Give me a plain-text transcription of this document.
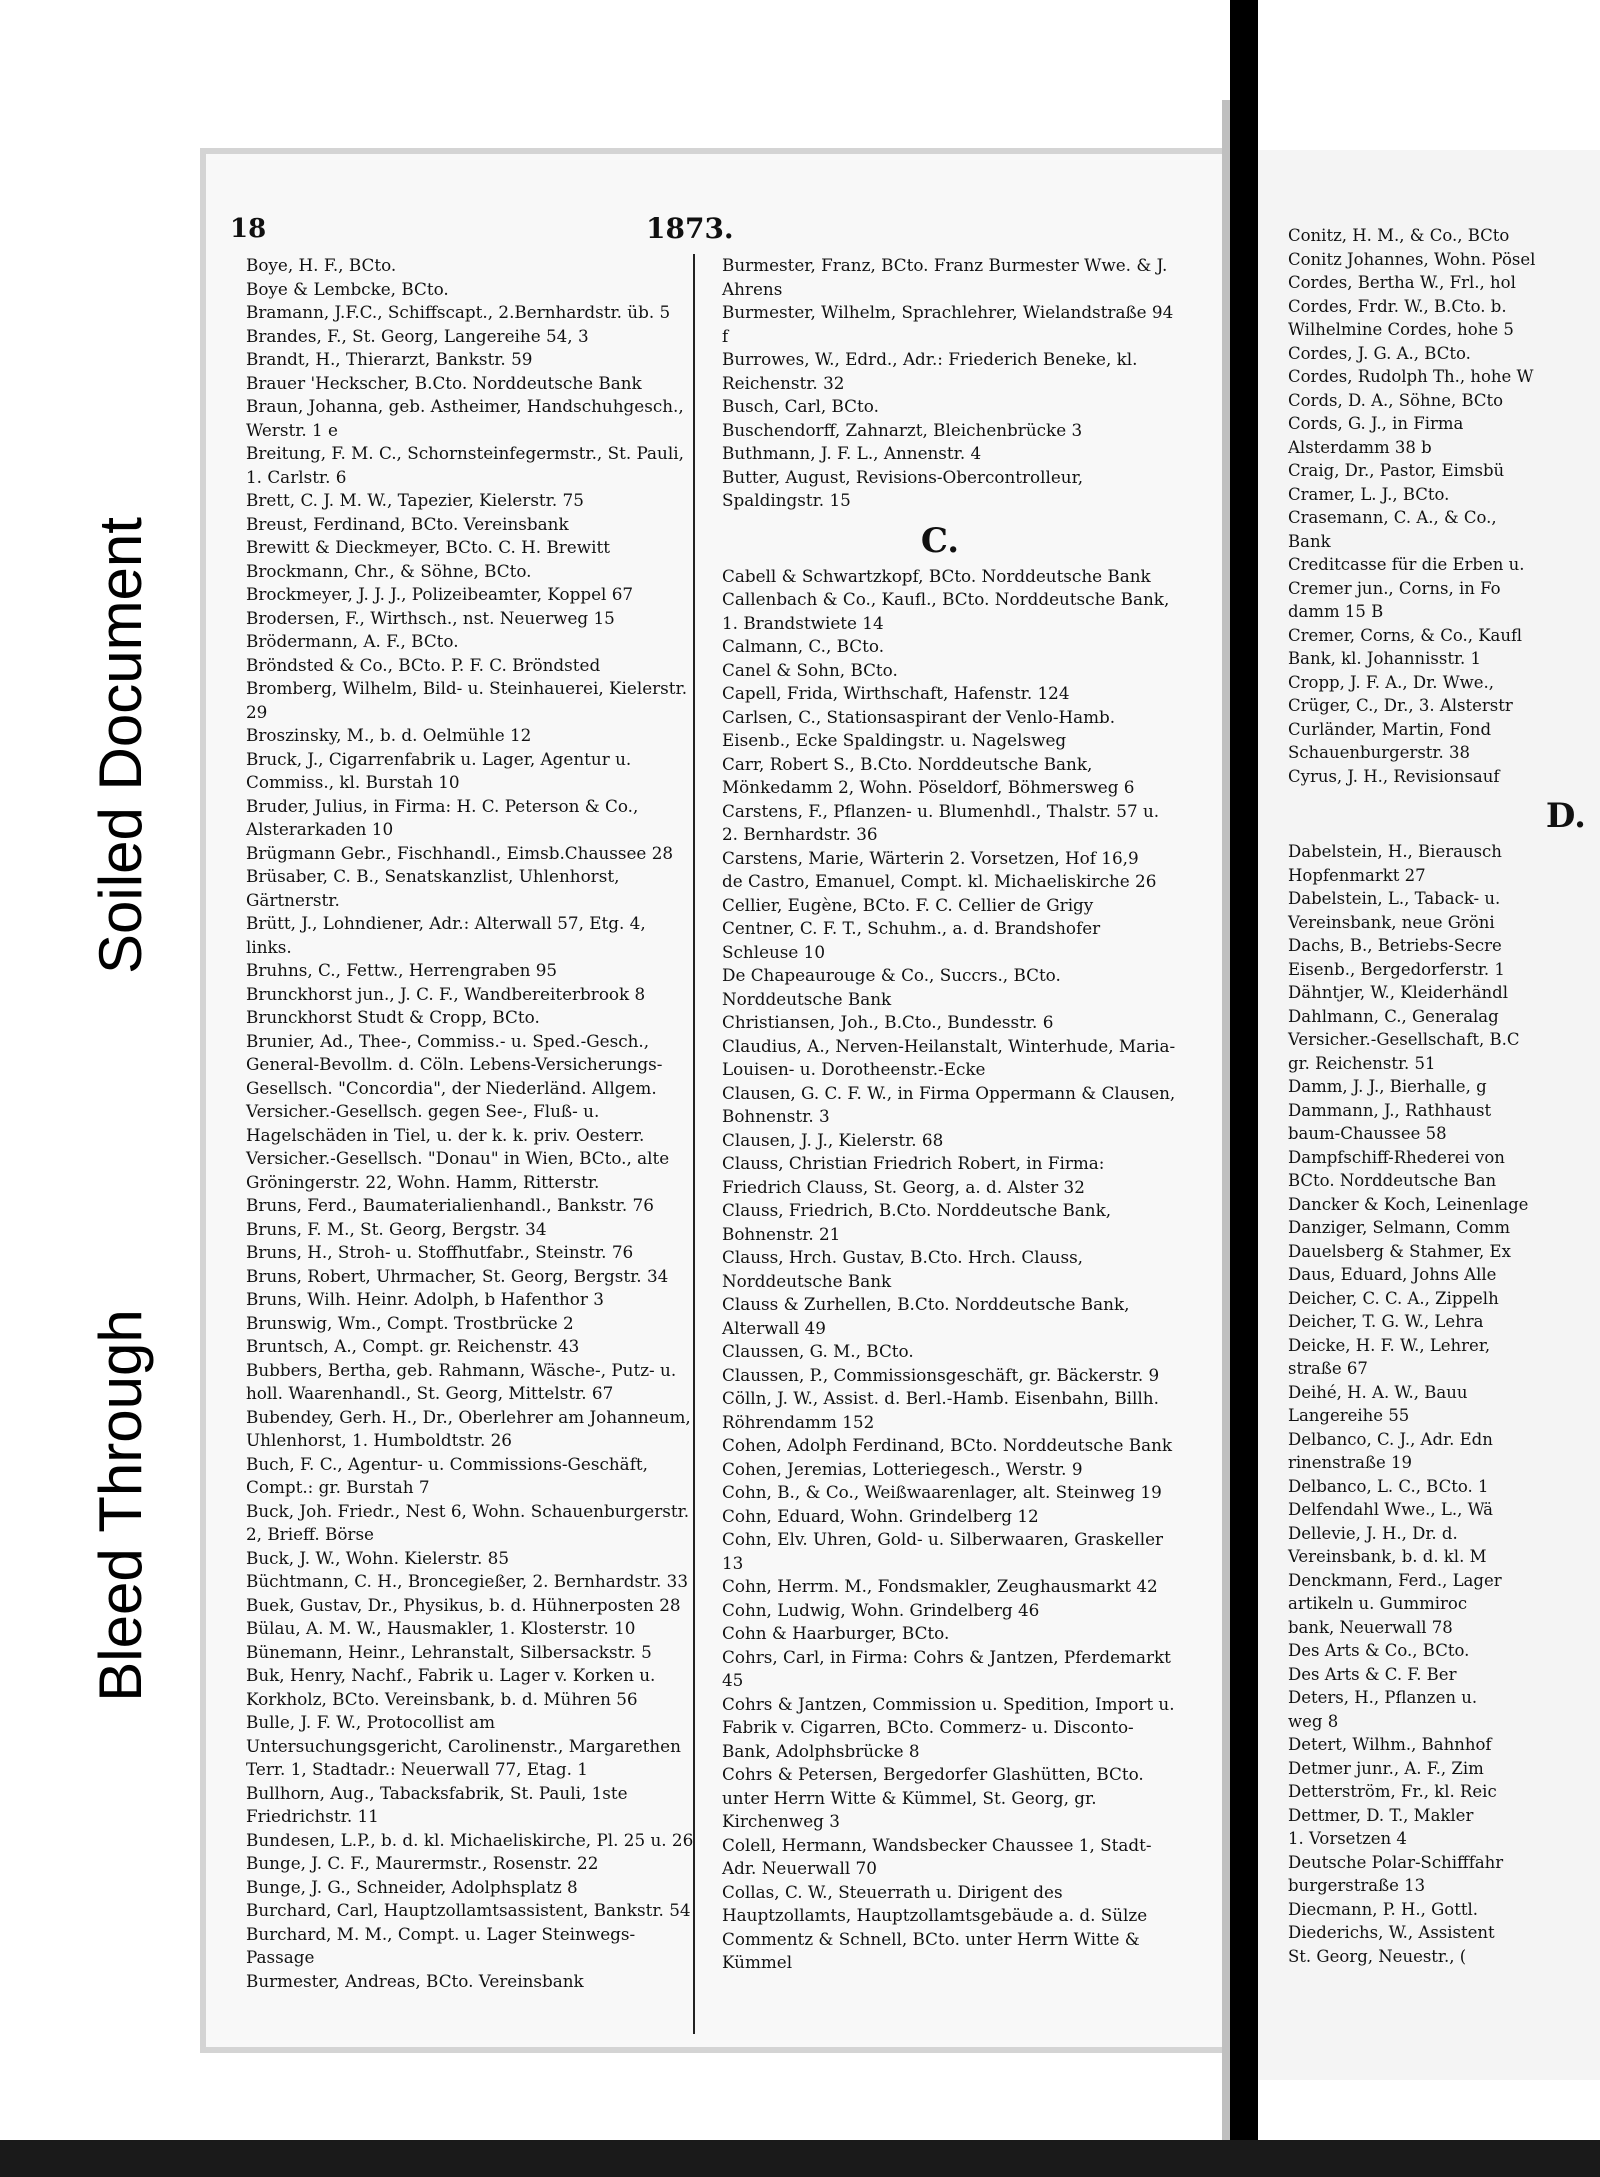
Soiled Document
Bleed Through
18	1873.
Boye, H. F., BCto.
Boye & Lembcke, BCto.
Bramann, J.F.C., Schiffscapt., 2.Bernhardstr. üb. 5
Brandes, F., St. Georg, Langereihe 54, 3
Brandt, H., Thierarzt, Bankstr. 59
Brauer 'Heckscher, B.Cto. Norddeutsche Bank
Braun, Johanna, geb. Astheimer, Handschuhgesch., Werstr. 1 e
Breitung, F. M. C., Schornsteinfegermstr., St. Pauli, 1. Carlstr. 6
Brett, C. J. M. W., Tapezier, Kielerstr. 75
Breust, Ferdinand, BCto. Vereinsbank
Brewitt & Dieckmeyer, BCto. C. H. Brewitt
Brockmann, Chr., & Söhne, BCto.
Brockmeyer, J. J. J., Polizeibeamter, Koppel 67
Brodersen, F., Wirthsch., nst. Neuerweg 15
Brödermann, A. F., BCto.
Bröndsted & Co., BCto. P. F. C. Bröndsted
Bromberg, Wilhelm, Bild- u. Steinhauerei, Kielerstr. 29
Broszinsky, M., b. d. Oelmühle 12
Bruck, J., Cigarrenfabrik u. Lager, Agentur u. Commiss., kl. Burstah 10
Bruder, Julius, in Firma: H. C. Peterson & Co., Alsterarkaden 10
Brügmann Gebr., Fischhandl., Eimsb.Chaussee 28
Brüsaber, C. B., Senatskanzlist, Uhlenhorst, Gärtnerstr.
Brütt, J., Lohndiener, Adr.: Alterwall 57, Etg. 4, links.
Bruhns, C., Fettw., Herrengraben 95
Brunckhorst jun., J. C. F., Wandbereiterbrook 8
Brunckhorst Studt & Cropp, BCto.
Brunier, Ad., Thee-, Commiss.- u. Sped.-Gesch., General-Bevollm. d. Cöln. Lebens-Versicherungs-Gesellsch. "Concordia", der Niederländ. Allgem. Versicher.-Gesellsch. gegen See-, Fluß- u. Hagelschäden in Tiel, u. der k. k. priv. Oesterr. Versicher.-Gesellsch. "Donau" in Wien, BCto., alte Gröningerstr. 22, Wohn. Hamm, Ritterstr.
Bruns, Ferd., Baumaterialienhandl., Bankstr. 76
Bruns, F. M., St. Georg, Bergstr. 34
Bruns, H., Stroh- u. Stoffhutfabr., Steinstr. 76
Bruns, Robert, Uhrmacher, St. Georg, Bergstr. 34
Bruns, Wilh. Heinr. Adolph, b Hafenthor 3
Brunswig, Wm., Compt. Trostbrücke 2
Bruntsch, A., Compt. gr. Reichenstr. 43
Bubbers, Bertha, geb. Rahmann, Wäsche-, Putz- u. holl. Waarenhandl., St. Georg, Mittelstr. 67
Bubendey, Gerh. H., Dr., Oberlehrer am Johanneum, Uhlenhorst, 1. Humboldtstr. 26
Buch, F. C., Agentur- u. Commissions-Geschäft, Compt.: gr. Burstah 7
Buck, Joh. Friedr., Nest 6, Wohn. Schauenburgerstr. 2, Brieff. Börse
Buck, J. W., Wohn. Kielerstr. 85
Büchtmann, C. H., Broncegießer, 2. Bernhardstr. 33
Buek, Gustav, Dr., Physikus, b. d. Hühnerposten 28
Bülau, A. M. W., Hausmakler, 1. Klosterstr. 10
Bünemann, Heinr., Lehranstalt, Silbersackstr. 5
Buk, Henry, Nachf., Fabrik u. Lager v. Korken u. Korkholz, BCto. Vereinsbank, b. d. Mühren 56
Bulle, J. F. W., Protocollist am Untersuchungsgericht, Carolinenstr., Margarethen Terr. 1, Stadtadr.: Neuerwall 77, Etag. 1
Bullhorn, Aug., Tabacksfabrik, St. Pauli, 1ste Friedrichstr. 11
Bundesen, L.P., b. d. kl. Michaeliskirche, Pl. 25 u. 26
Bunge, J. C. F., Maurermstr., Rosenstr. 22
Bunge, J. G., Schneider, Adolphsplatz 8
Burchard, Carl, Hauptzollamtsassistent, Bankstr. 54
Burchard, M. M., Compt. u. Lager Steinwegs-Passage
Burmester, Andreas, BCto. Vereinsbank
Burmester, Franz, BCto. Franz Burmester Wwe. & J. Ahrens
Burmester, Wilhelm, Sprachlehrer, Wielandstraße 94 f
Burrowes, W., Edrd., Adr.: Friederich Beneke, kl. Reichenstr. 32
Busch, Carl, BCto.
Buschendorff, Zahnarzt, Bleichenbrücke 3
Buthmann, J. F. L., Annenstr. 4
Butter, August, Revisions-Obercontrolleur, Spaldingstr. 15
C.
Cabell & Schwartzkopf, BCto. Norddeutsche Bank
Callenbach & Co., Kaufl., BCto. Norddeutsche Bank, 1. Brandstwiete 14
Calmann, C., BCto.
Canel & Sohn, BCto.
Capell, Frida, Wirthschaft, Hafenstr. 124
Carlsen, C., Stationsaspirant der Venlo-Hamb. Eisenb., Ecke Spaldingstr. u. Nagelsweg
Carr, Robert S., B.Cto. Norddeutsche Bank, Mönkedamm 2, Wohn. Pöseldorf, Böhmersweg 6
Carstens, F., Pflanzen- u. Blumenhdl., Thalstr. 57 u. 2. Bernhardstr. 36
Carstens, Marie, Wärterin 2. Vorsetzen, Hof 16,9
de Castro, Emanuel, Compt. kl. Michaeliskirche 26
Cellier, Eugène, BCto. F. C. Cellier de Grigy
Centner, C. F. T., Schuhm., a. d. Brandshofer Schleuse 10
De Chapeaurouge & Co., Succrs., BCto. Norddeutsche Bank
Christiansen, Joh., B.Cto., Bundesstr. 6
Claudius, A., Nerven-Heilanstalt, Winterhude, Maria-Louisen- u. Dorotheenstr.-Ecke
Clausen, G. C. F. W., in Firma Oppermann & Clausen, Bohnenstr. 3
Clausen, J. J., Kielerstr. 68
Clauss, Christian Friedrich Robert, in Firma: Friedrich Clauss, St. Georg, a. d. Alster 32
Clauss, Friedrich, B.Cto. Norddeutsche Bank, Bohnenstr. 21
Clauss, Hrch. Gustav, B.Cto. Hrch. Clauss, Norddeutsche Bank
Clauss & Zurhellen, B.Cto. Norddeutsche Bank, Alterwall 49
Claussen, G. M., BCto.
Claussen, P., Commissionsgeschäft, gr. Bäckerstr. 9
Cölln, J. W., Assist. d. Berl.-Hamb. Eisenbahn, Billh. Röhrendamm 152
Cohen, Adolph Ferdinand, BCto. Norddeutsche Bank
Cohen, Jeremias, Lotteriegesch., Werstr. 9
Cohn, B., & Co., Weißwaarenlager, alt. Steinweg 19
Cohn, Eduard, Wohn. Grindelberg 12
Cohn, Elv. Uhren, Gold- u. Silberwaaren, Graskeller 13
Cohn, Herrm. M., Fondsmakler, Zeughausmarkt 42
Cohn, Ludwig, Wohn. Grindelberg 46
Cohn & Haarburger, BCto.
Cohrs, Carl, in Firma: Cohrs & Jantzen, Pferdemarkt 45
Cohrs & Jantzen, Commission u. Spedition, Import u. Fabrik v. Cigarren, BCto. Commerz- u. Disconto-Bank, Adolphsbrücke 8
Cohrs & Petersen, Bergedorfer Glashütten, BCto. unter Herrn Witte & Kümmel, St. Georg, gr. Kirchenweg 3
Colell, Hermann, Wandsbecker Chaussee 1, Stadt-Adr. Neuerwall 70
Collas, C. W., Steuerrath u. Dirigent des Hauptzollamts, Hauptzollamtsgebäude a. d. Sülze
Commentz & Schnell, BCto. unter Herrn Witte & Kümmel
Conitz, H. M., & Co., BCto
Conitz Johannes, Wohn. Pösel
Cordes, Bertha W., Frl., hol
Cordes, Frdr. W., B.Cto. b.
Wilhelmine Cordes, hohe 5
Cordes, J. G. A., BCto.
Cordes, Rudolph Th., hohe W
Cords, D. A., Söhne, BCto
Cords, G. J., in Firma
Alsterdamm 38 b
Craig, Dr., Pastor, Eimsbü
Cramer, L. J., BCto.
Crasemann, C. A., & Co.,
Bank
Creditcasse für die Erben u.
Cremer jun., Corns, in Fo
damm 15 B
Cremer, Corns, & Co., Kaufl
Bank, kl. Johannisstr. 1
Cropp, J. F. A., Dr. Wwe.,
Crüger, C., Dr., 3. Alsterstr
Curländer, Martin, Fond
Schauenburgerstr. 38
Cyrus, J. H., Revisionsauf
D.
Dabelstein, H., Bierausch
Hopfenmarkt 27
Dabelstein, L., Taback- u.
Vereinsbank, neue Gröni
Dachs, B., Betriebs-Secre
Eisenb., Bergedorferstr. 1
Dähntjer, W., Kleiderhändl
Dahlmann, C., Generalag
Versicher.-Gesellschaft, B.C
gr. Reichenstr. 51
Damm, J. J., Bierhalle, g
Dammann, J., Rathhaust
baum-Chaussee 58
Dampfschiff-Rhederei von
BCto. Norddeutsche Ban
Dancker & Koch, Leinenlage
Danziger, Selmann, Comm
Dauelsberg & Stahmer, Ex
Daus, Eduard, Johns Alle
Deicher, C. C. A., Zippelh
Deicher, T. G. W., Lehra
Deicke, H. F. W., Lehrer,
straße 67
Deihé, H. A. W., Bauu
Langereihe 55
Delbanco, C. J., Adr. Edn
rinenstraße 19
Delbanco, L. C., BCto. 1
Delfendahl Wwe., L., Wä
Dellevie, J. H., Dr. d.
Vereinsbank, b. d. kl. M
Denckmann, Ferd., Lager
artikeln u. Gummiroc
bank, Neuerwall 78
Des Arts & Co., BCto.
Des Arts & C. F. Ber
Deters, H., Pflanzen u.
weg 8
Detert, Wilhm., Bahnhof
Detmer junr., A. F., Zim
Detterström, Fr., kl. Reic
Dettmer, D. T., Makler
1. Vorsetzen 4
Deutsche Polar-Schifffahr
burgerstraße 13
Diecmann, P. H., Gottl.
Diederichs, W., Assistent
St. Georg, Neuestr., (
